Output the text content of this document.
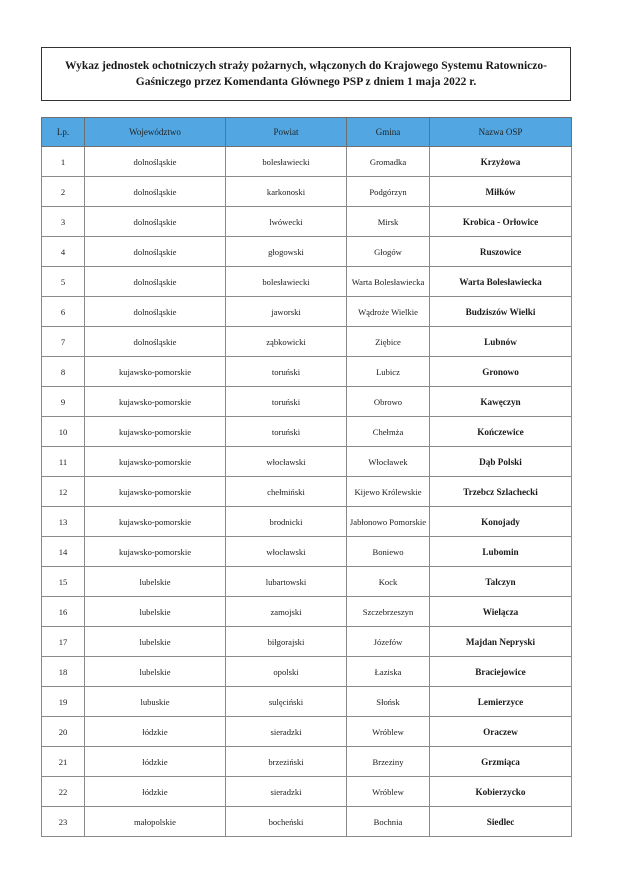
Wykaz jednostek ochotniczych straży pożarnych, włączonych do Krajowego Systemu Ratowniczo-Gaśniczego przez Komendanta Głównego PSP z dniem 1 maja 2022 r.
Lp.	Województwo	Powiat	Gmina	Nazwa OSP
1	dolnośląskie	bolesławiecki	Gromadka	Krzyżowa
2	dolnośląskie	karkonoski	Podgórzyn	Miłków
3	dolnośląskie	lwówecki	Mirsk	Krobica - Orłowice
4	dolnośląskie	głogowski	Głogów	Ruszowice
5	dolnośląskie	bolesławiecki	Warta Bolesławiecka	Warta Bolesławiecka
6	dolnośląskie	jaworski	Wądroże Wielkie	Budziszów Wielki
7	dolnośląskie	ząbkowicki	Ziębice	Lubnów
8	kujawsko-pomorskie	toruński	Lubicz	Gronowo
9	kujawsko-pomorskie	toruński	Obrowo	Kawęczyn
10	kujawsko-pomorskie	toruński	Chełmża	Kończewice
11	kujawsko-pomorskie	włocławski	Włocławek	Dąb Polski
12	kujawsko-pomorskie	chełmiński	Kijewo Królewskie	Trzebcz Szlachecki
13	kujawsko-pomorskie	brodnicki	Jabłonowo Pomorskie	Konojady
14	kujawsko-pomorskie	włocławski	Boniewo	Lubomin
15	lubelskie	lubartowski	Kock	Talczyn
16	lubelskie	zamojski	Szczebrzeszyn	Wielącza
17	lubelskie	biłgorajski	Józefów	Majdan Nepryski
18	lubelskie	opolski	Łaziska	Braciejowice
19	lubuskie	sulęciński	Słońsk	Lemierzyce
20	łódzkie	sieradzki	Wróblew	Oraczew
21	łódzkie	brzeziński	Brzeziny	Grzmiąca
22	łódzkie	sieradzki	Wróblew	Kobierzycko
23	małopolskie	bocheński	Bochnia	Siedlec
